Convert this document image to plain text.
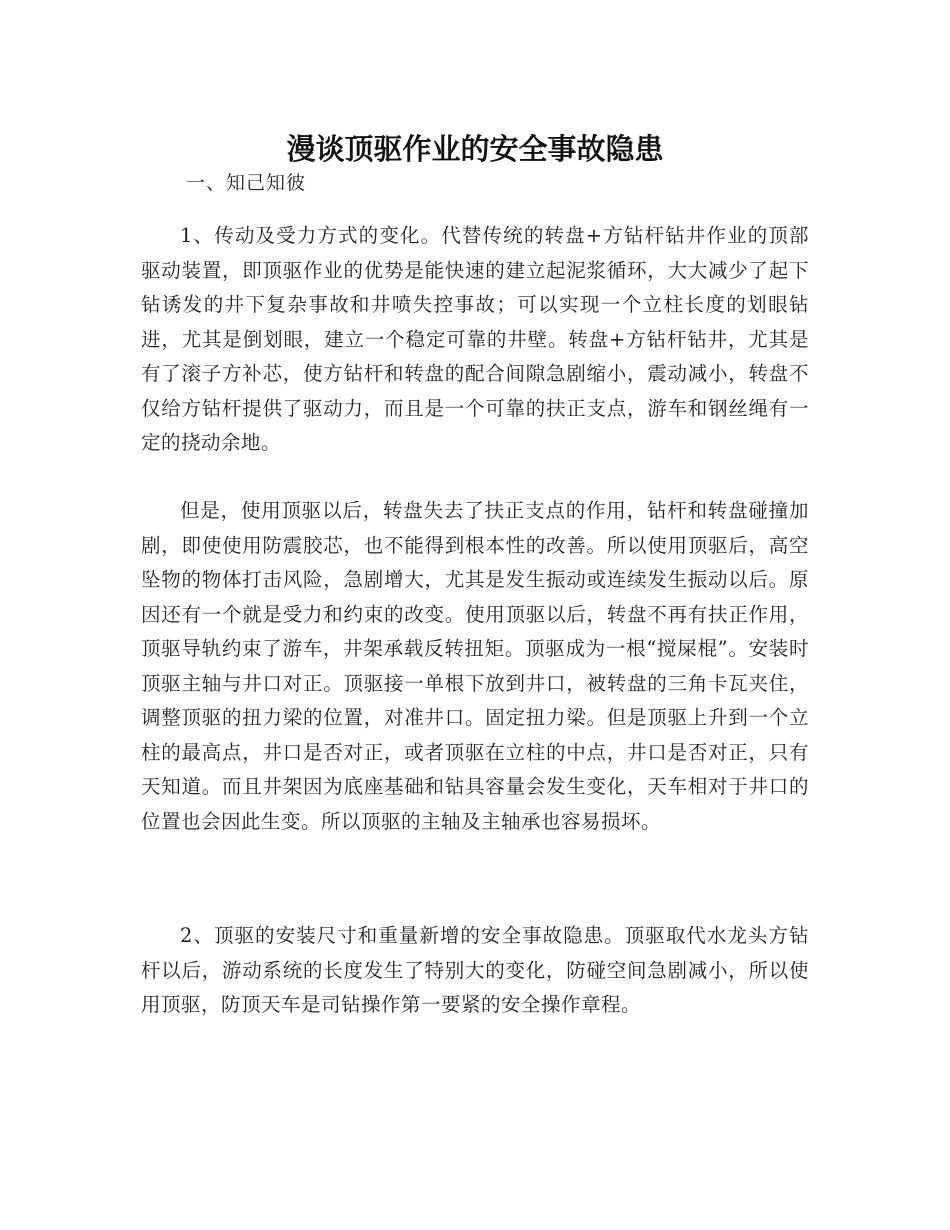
漫谈顶驱作业的安全事故隐患
一、知己知彼

1、传动及受力方式的变化。代替传统的转盘+方钻杆钻井作业的顶部驱动装置，即顶驱作业的优势是能快速的建立起泥浆循环，大大减少了起下钻诱发的井下复杂事故和井喷失控事故；可以实现一个立柱长度的划眼钻进，尤其是倒划眼，建立一个稳定可靠的井壁。转盘+方钻杆钻井，尤其是有了滚子方补芯，使方钻杆和转盘的配合间隙急剧缩小，震动减小，转盘不仅给方钻杆提供了驱动力，而且是一个可靠的扶正支点，游车和钢丝绳有一定的挠动余地。

但是，使用顶驱以后，转盘失去了扶正支点的作用，钻杆和转盘碰撞加剧，即使使用防震胶芯，也不能得到根本性的改善。所以使用顶驱后，高空坠物的物体打击风险，急剧增大，尤其是发生振动或连续发生振动以后。原因还有一个就是受力和约束的改变。使用顶驱以后，转盘不再有扶正作用，顶驱导轨约束了游车，井架承载反转扭矩。顶驱成为一根“搅屎棍”。安装时顶驱主轴与井口对正。顶驱接一单根下放到井口，被转盘的三角卡瓦夹住，调整顶驱的扭力梁的位置，对准井口。固定扭力梁。但是顶驱上升到一个立柱的最高点，井口是否对正，或者顶驱在立柱的中点，井口是否对正，只有天知道。而且井架因为底座基础和钻具容量会发生变化，天车相对于井口的位置也会因此生变。所以顶驱的主轴及主轴承也容易损坏。

2、顶驱的安装尺寸和重量新增的安全事故隐患。顶驱取代水龙头方钻杆以后，游动系统的长度发生了特别大的变化，防碰空间急剧减小，所以使用顶驱，防顶天车是司钻操作第一要紧的安全操作章程。
